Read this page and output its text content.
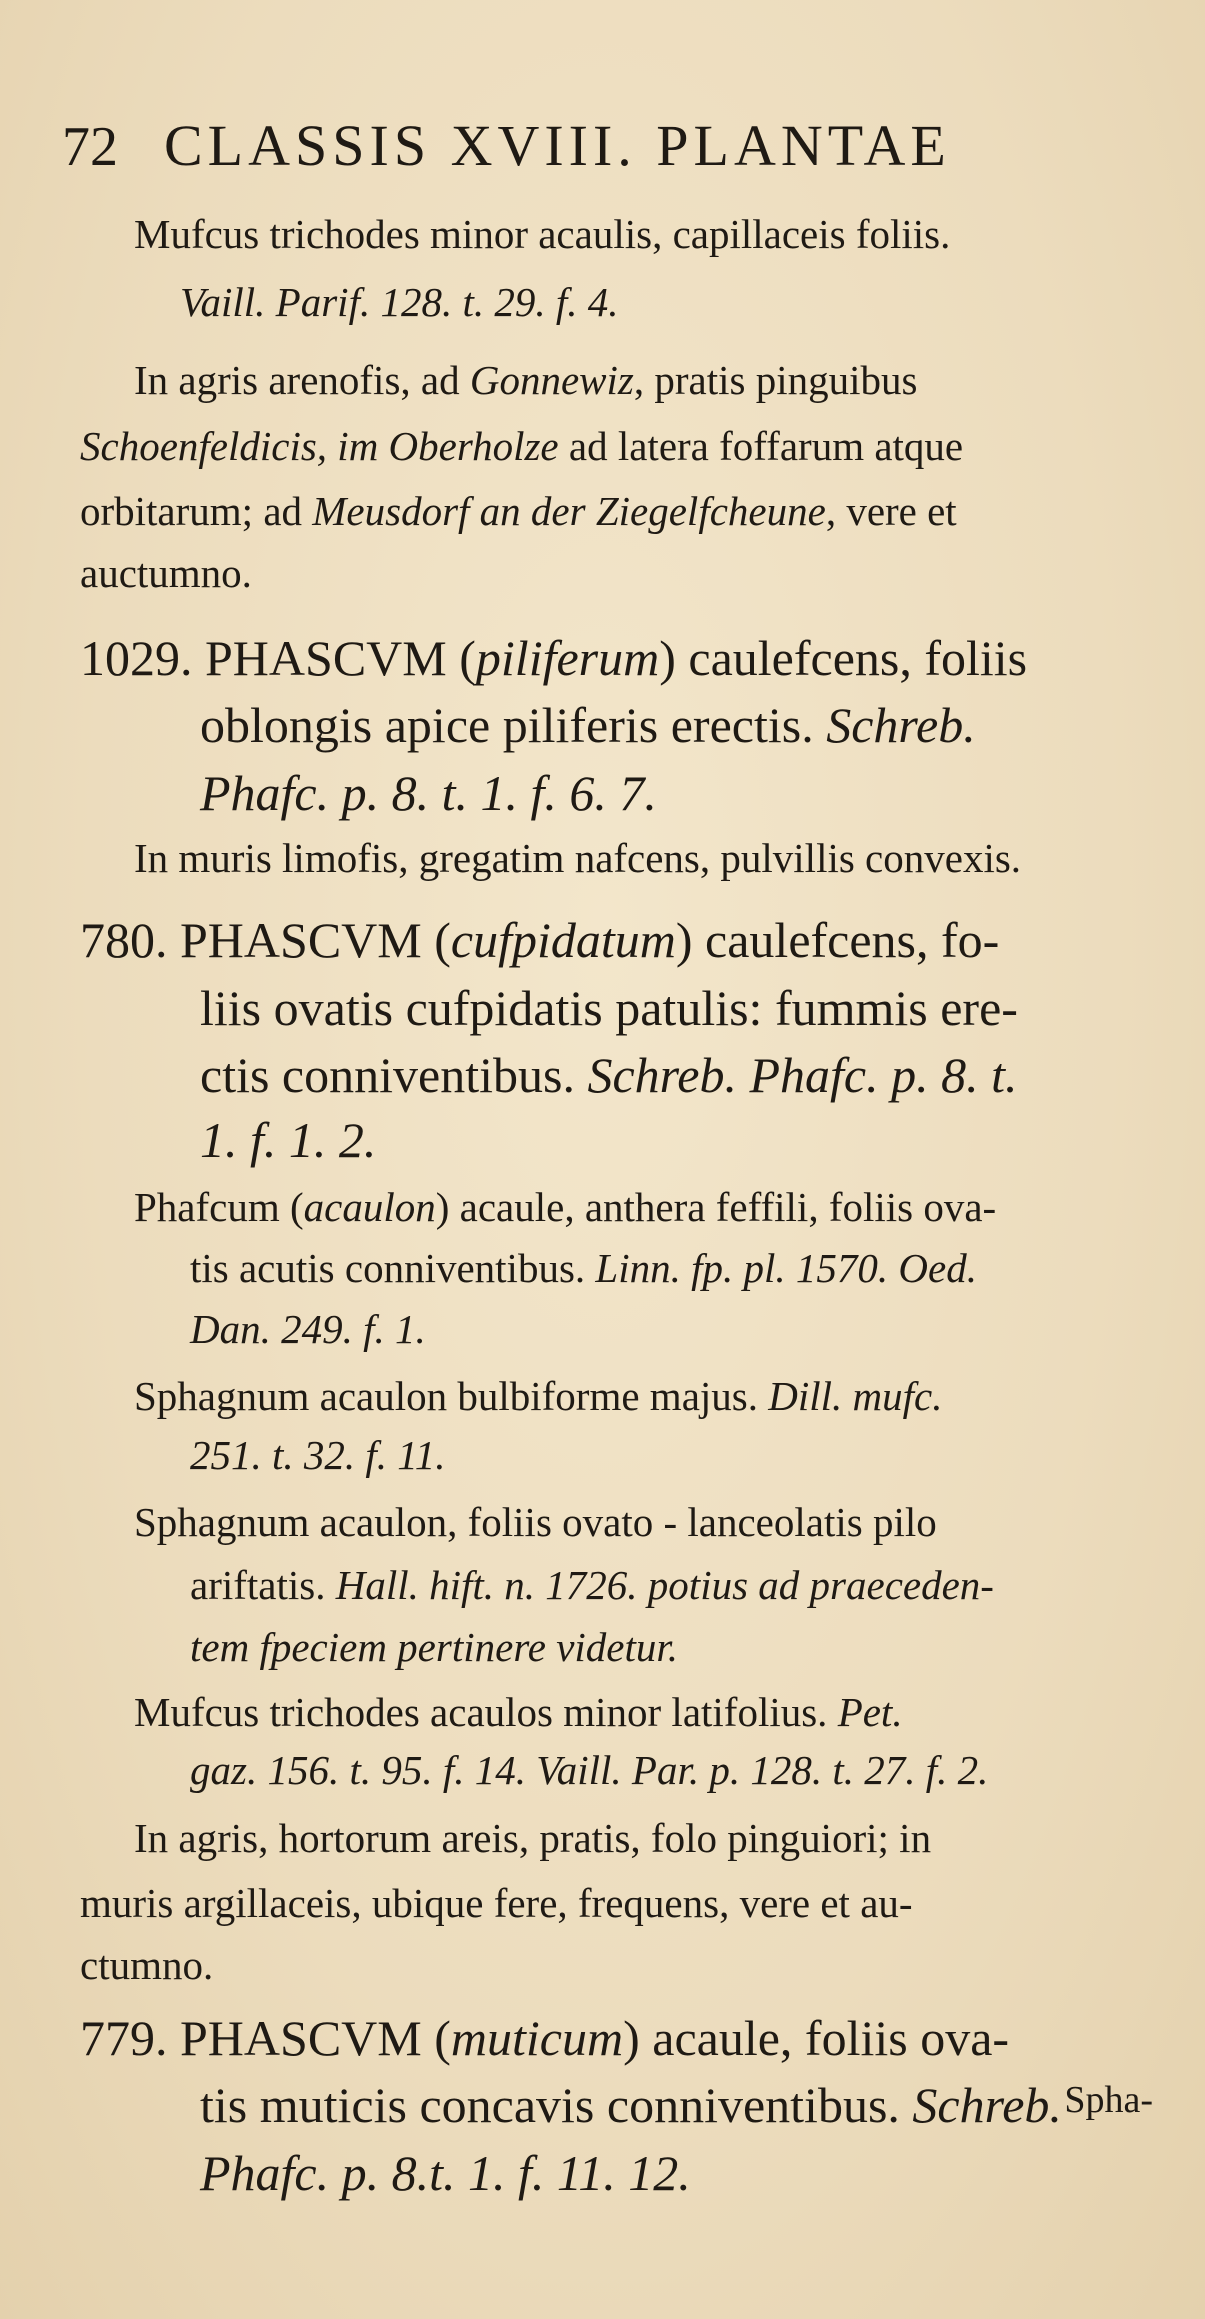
72 CLASSIS XVIII. PLANTAE
Mufcus trichodes minor acaulis, capillaceis foliis.
Vaill. Parif. 128. t. 29. f. 4.
In agris arenofis, ad Gonnewiz, pratis pinguibus
Schoenfeldicis, im Oberholze ad latera foffarum atque
orbitarum; ad Meusdorf an der Ziegelfcheune, vere et
auctumno.
1029. PHASCVM (piliferum) caulefcens, foliis
oblongis apice piliferis erectis. Schreb.
Phafc. p. 8. t. 1. f. 6. 7.
In muris limofis, gregatim nafcens, pulvillis convexis.
780. PHASCVM (cufpidatum) caulefcens, fo-
liis ovatis cufpidatis patulis: fummis ere-
ctis conniventibus. Schreb. Phafc. p. 8. t.
1. f. 1. 2.
Phafcum (acaulon) acaule, anthera feffili, foliis ova-
tis acutis conniventibus. Linn. fp. pl. 1570. Oed.
Dan. 249. f. 1.
Sphagnum acaulon bulbiforme majus. Dill. mufc.
251. t. 32. f. 11.
Sphagnum acaulon, foliis ovato - lanceolatis pilo
ariftatis. Hall. hift. n. 1726. potius ad praeceden-
tem fpeciem pertinere videtur.
Mufcus trichodes acaulos minor latifolius. Pet.
gaz. 156. t. 95. f. 14. Vaill. Par. p. 128. t. 27. f. 2.
In agris, hortorum areis, pratis, folo pinguiori; in
muris argillaceis, ubique fere, frequens, vere et au-
ctumno.
779. PHASCVM (muticum) acaule, foliis ova-
tis muticis concavis conniventibus. Schreb.
Phafc. p. 8.t. 1. f. 11. 12.
Spha-
